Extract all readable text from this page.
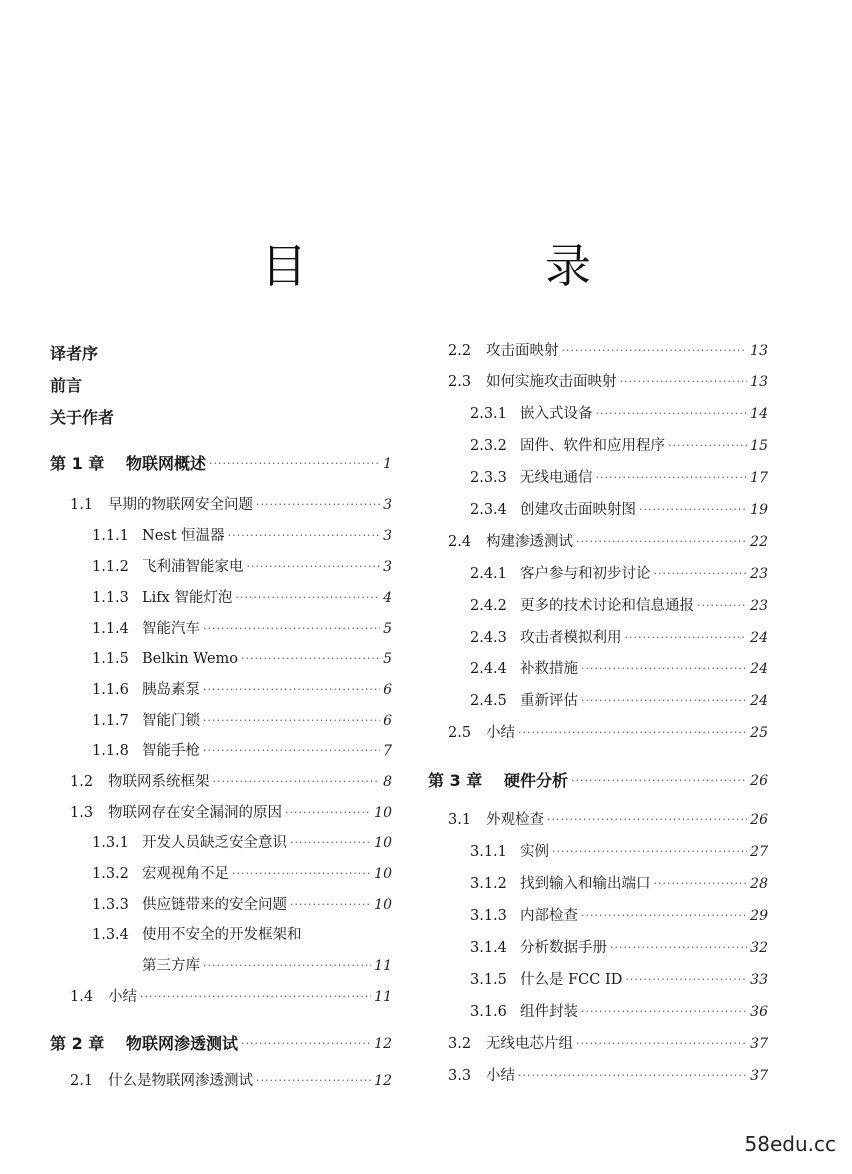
目　录
译者序
前言
关于作者
第 1 章	物联网概述 ·····	1
1.1	早期的物联网安全问题 ·····	3
1.1.1 Nest 恒温器 ·····	3
1.1.2 飞利浦智能家电 ·····	3
1.1.3 Lifx 智能灯泡 ·····	4
1.1.4 智能汽车 ·····	5
1.1.5 Belkin Wemo ·····	5
1.1.6 胰岛素泵 ·····	6
1.1.7 智能门锁 ·····	6
1.1.8 智能手枪 ·····	7
1.2	物联网系统框架 ·····	8
1.3	物联网存在安全漏洞的原因 ·····	10
1.3.1 开发人员缺乏安全意识 ·····	10
1.3.2 宏观视角不足 ·····	10
1.3.3 供应链带来的安全问题 ·····	10
1.3.4 使用不安全的开发框架和
第三方库 ·····	11
1.4	小结 ·····	11
第 2 章	物联网渗透测试 ·····	12
2.1	什么是物联网渗透测试 ·····	12
2.2	攻击面映射 ·····	13
2.3	如何实施攻击面映射 ·····	13
2.3.1 嵌入式设备 ·····	14
2.3.2 固件、软件和应用程序 ·····	15
2.3.3 无线电通信 ·····	17
2.3.4 创建攻击面映射图 ·····	19
2.4	构建渗透测试 ·····	22
2.4.1 客户参与和初步讨论 ·····	23
2.4.2 更多的技术讨论和信息通报 ·····	23
2.4.3 攻击者模拟利用 ·····	24
2.4.4 补救措施 ·····	24
2.4.5 重新评估 ·····	24
2.5	小结 ·····	25
第 3 章	硬件分析 ·····	26
3.1	外观检查 ·····	26
3.1.1 实例 ·····	27
3.1.2 找到输入和输出端口 ·····	28
3.1.3 内部检查 ·····	29
3.1.4 分析数据手册 ·····	32
3.1.5 什么是 FCC ID ·····	33
3.1.6 组件封装 ·····	36
3.2	无线电芯片组 ·····	37
3.3	小结 ·····	37
58edu.cc
